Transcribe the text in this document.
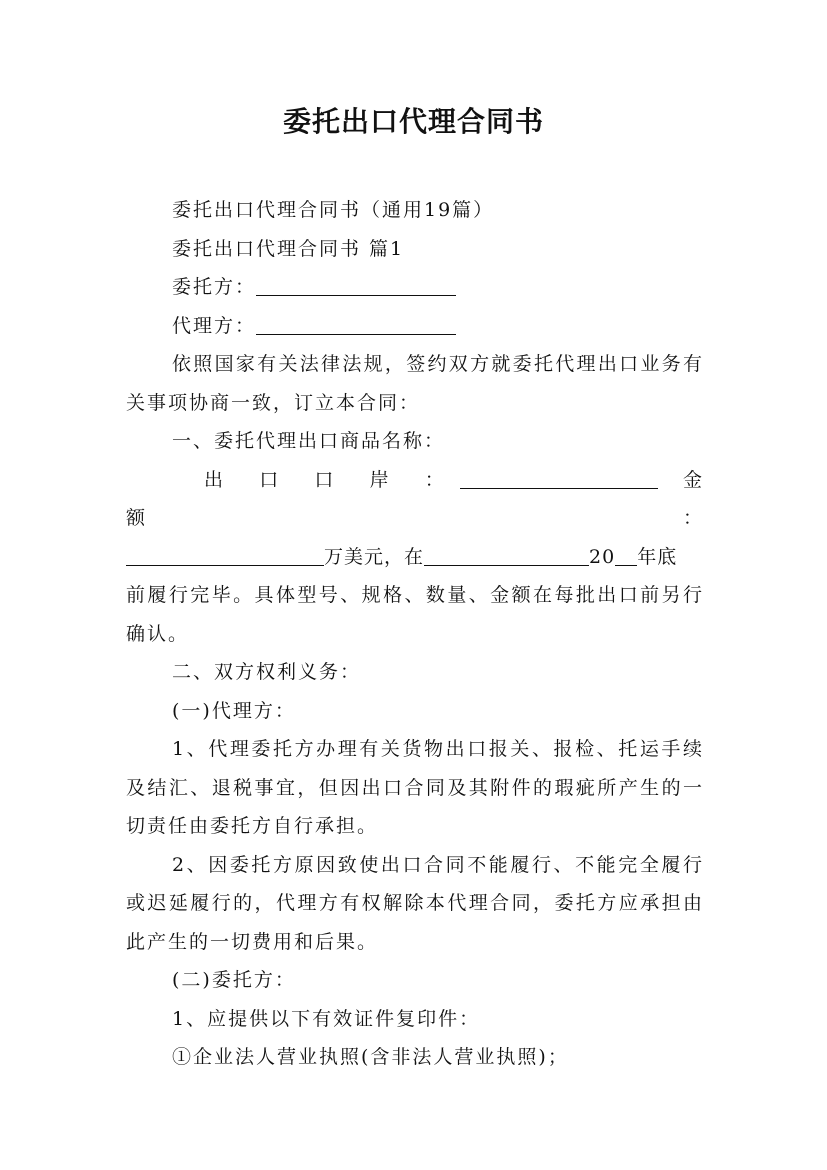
委托出口代理合同书

委托出口代理合同书（通用19篇）

委托出口代理合同书 篇1

委托方：

代理方：

依照国家有关法律法规，签约双方就委托代理出口业务有关事项协商一致，订立本合同：

一、委托代理出口商品名称：

出　口　口　岸　：	金　额　：

万美元，在	20 年底

前履行完毕。具体型号、规格、数量、金额在每批出口前另行确认。

二、双方权利义务：

(一)代理方：

1、代理委托方办理有关货物出口报关、报检、托运手续及结汇、退税事宜，但因出口合同及其附件的瑕疵所产生的一切责任由委托方自行承担。

2、因委托方原因致使出口合同不能履行、不能完全履行或迟延履行的，代理方有权解除本代理合同，委托方应承担由此产生的一切费用和后果。

(二)委托方：

1、应提供以下有效证件复印件：

①企业法人营业执照(含非法人营业执照)；
